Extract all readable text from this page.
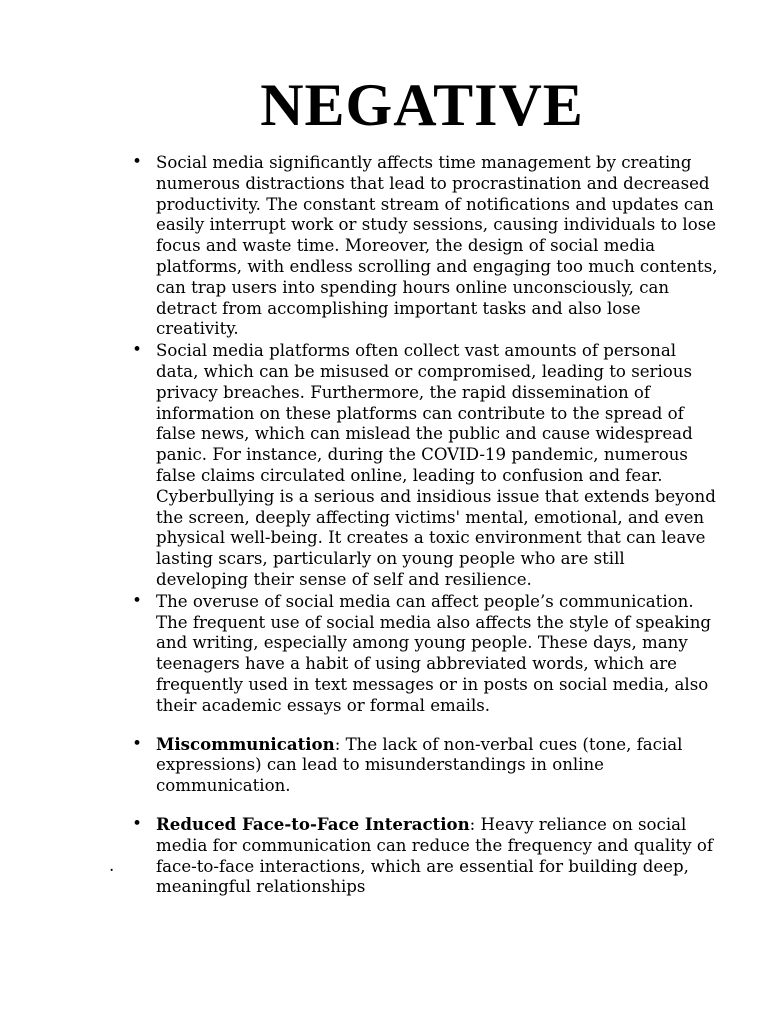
NEGATIVE
• Social media significantly affects time management by creating numerous distractions that lead to procrastination and decreased productivity. The constant stream of notifications and updates can easily interrupt work or study sessions, causing individuals to lose focus and waste time. Moreover, the design of social media platforms, with endless scrolling and engaging too much contents, can trap users into spending hours online unconsciously, can detract from accomplishing important tasks and also lose creativity.
• Social media platforms often collect vast amounts of personal data, which can be misused or compromised, leading to serious privacy breaches. Furthermore, the rapid dissemination of information on these platforms can contribute to the spread of false news, which can mislead the public and cause widespread panic. For instance, during the COVID-19 pandemic, numerous false claims circulated online, leading to confusion and fear. Cyberbullying is a serious and insidious issue that extends beyond the screen, deeply affecting victims' mental, emotional, and even physical well-being. It creates a toxic environment that can leave lasting scars, particularly on young people who are still developing their sense of self and resilience.
• The overuse of social media can affect people’s communication. The frequent use of social media also affects the style of speaking and writing, especially among young people. These days, many teenagers have a habit of using abbreviated words, which are frequently used in text messages or in posts on social media, also their academic essays or formal emails.
• Miscommunication: The lack of non-verbal cues (tone, facial expressions) can lead to misunderstandings in online communication.
• Reduced Face-to-Face Interaction: Heavy reliance on social media for communication can reduce the frequency and quality of face-to-face interactions, which are essential for building deep, meaningful relationships
.
